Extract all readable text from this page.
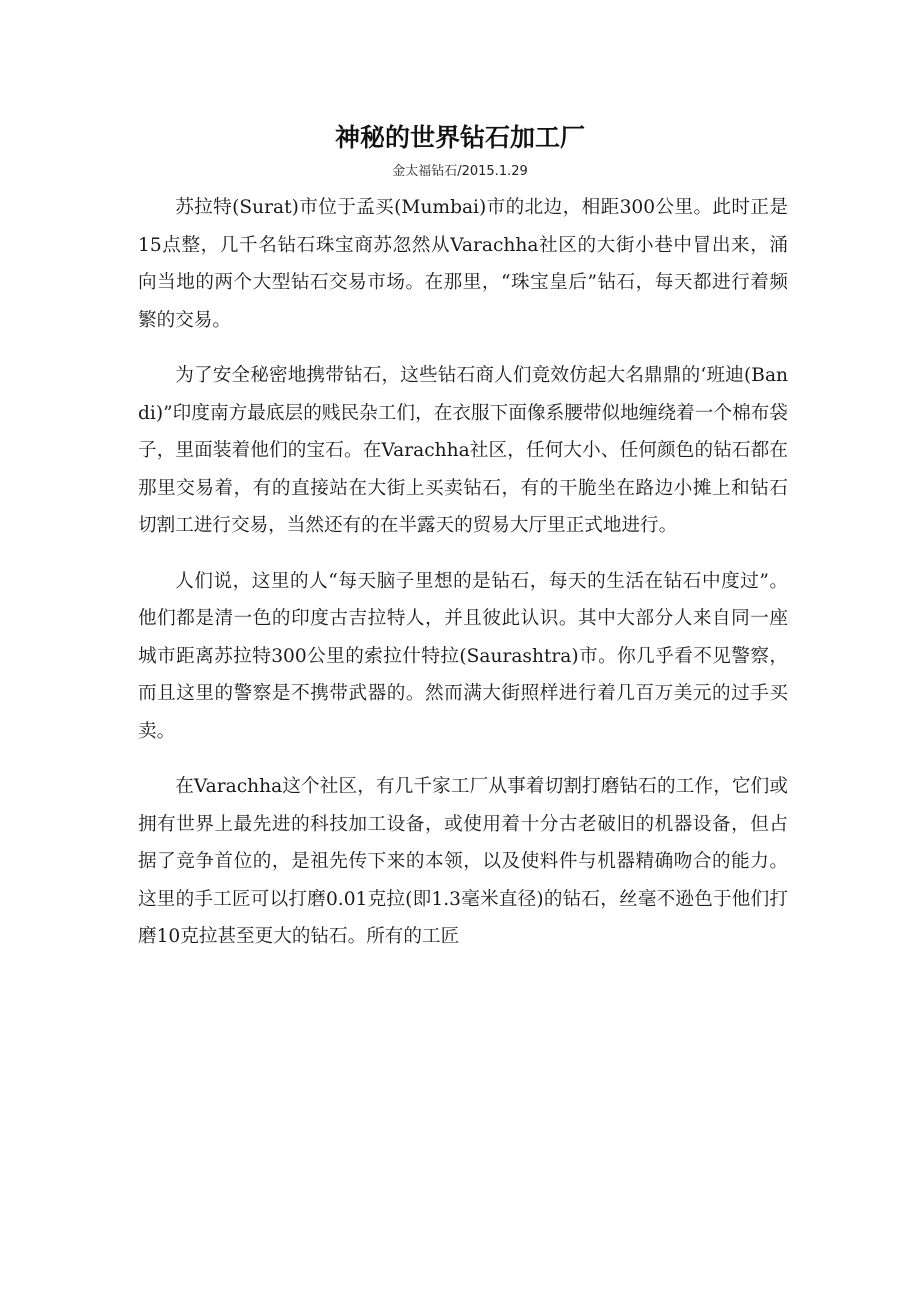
神秘的世界钻石加工厂
金太福钻石/2015.1.29

苏拉特(Surat)市位于孟买(Mumbai)市的北边，相距300公里。此时正是15点整，几千名钻石珠宝商苏忽然从Varachha社区的大街小巷中冒出来，涌向当地的两个大型钻石交易市场。在那里，“珠宝皇后”钻石，每天都进行着频繁的交易。

为了安全秘密地携带钻石，这些钻石商人们竟效仿起大名鼎鼎的‘班迪(Bandi)”印度南方最底层的贱民杂工们，在衣服下面像系腰带似地缠绕着一个棉布袋子，里面装着他们的宝石。在Varachha社区，任何大小、任何颜色的钻石都在那里交易着，有的直接站在大街上买卖钻石，有的干脆坐在路边小摊上和钻石切割工进行交易，当然还有的在半露天的贸易大厅里正式地进行。

人们说，这里的人“每天脑子里想的是钻石，每天的生活在钻石中度过”。他们都是清一色的印度古吉拉特人，并且彼此认识。其中大部分人来自同一座城市距离苏拉特300公里的索拉什特拉(Saurashtra)市。你几乎看不见警察，而且这里的警察是不携带武器的。然而满大街照样进行着几百万美元的过手买卖。

在Varachha这个社区，有几千家工厂从事着切割打磨钻石的工作，它们或拥有世界上最先进的科技加工设备，或使用着十分古老破旧的机器设备，但占据了竞争首位的，是祖先传下来的本领，以及使料件与机器精确吻合的能力。这里的手工匠可以打磨0.01克拉(即1.3毫米直径)的钻石，丝毫不逊色于他们打磨10克拉甚至更大的钻石。所有的工匠
